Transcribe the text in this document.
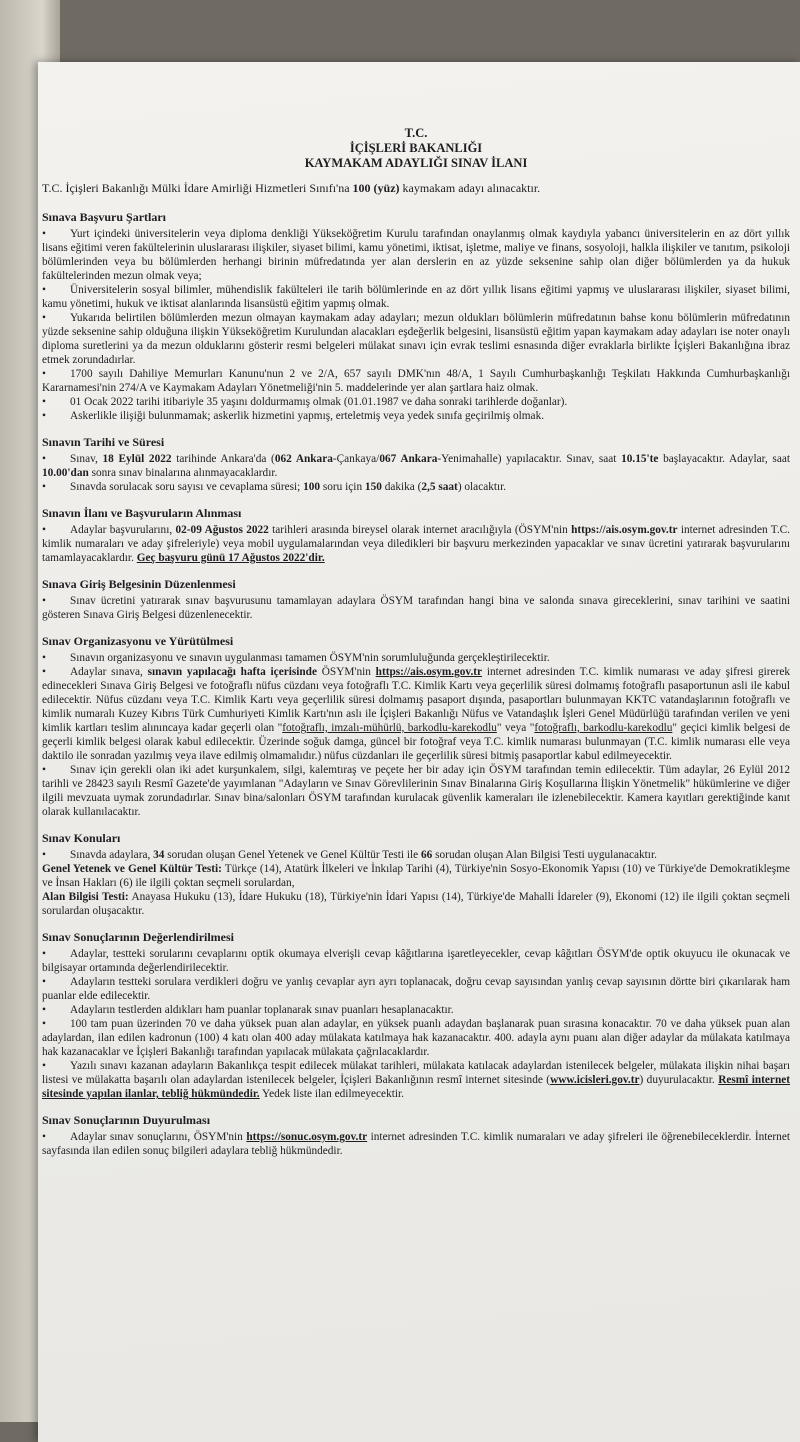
T.C.
İÇİŞLERİ BAKANLIĞI
KAYMAKAM ADAYLIĞI SINAV İLANI
T.C. İçişleri Bakanlığı Mülki İdare Amirliği Hizmetleri Sınıfı'na 100 (yüz) kaymakam adayı alınacaktır.
Sınava Başvuru Şartları
• Yurt içindeki üniversitelerin veya diploma denkliği Yükseköğretim Kurulu tarafından onaylanmış olmak kaydıyla yabancı üniversitelerin en az dört yıllık lisans eğitimi veren fakültelerinin uluslararası ilişkiler, siyaset bilimi, kamu yönetimi, iktisat, işletme, maliye ve finans, sosyoloji, halkla ilişkiler ve tanıtım, psikoloji bölümlerinden veya bu bölümlerden herhangi birinin müfredatında yer alan derslerin en az yüzde seksenine sahip olan diğer bölümlerden ya da hukuk fakültelerinden mezun olmak veya;
• Üniversitelerin sosyal bilimler, mühendislik fakülteleri ile tarih bölümlerinde en az dört yıllık lisans eğitimi yapmış ve uluslararası ilişkiler, siyaset bilimi, kamu yönetimi, hukuk ve iktisat alanlarında lisansüstü eğitim yapmış olmak.
• Yukarıda belirtilen bölümlerden mezun olmayan kaymakam aday adayları; mezun oldukları bölümlerin müfredatının bahse konu bölümlerin müfredatının yüzde seksenine sahip olduğuna ilişkin Yükseköğretim Kurulundan alacakları eşdeğerlik belgesini, lisansüstü eğitim yapan kaymakam aday adayları ise noter onaylı diploma suretlerini ya da mezun olduklarını gösterir resmi belgeleri mülakat sınavı için evrak teslimi esnasında diğer evraklarla birlikte İçişleri Bakanlığına ibraz etmek zorundadırlar.
• 1700 sayılı Dahiliye Memurları Kanunu'nun 2 ve 2/A, 657 sayılı DMK'nın 48/A, 1 Sayılı Cumhurbaşkanlığı Teşkilatı Hakkında Cumhurbaşkanlığı Kararnamesi'nin 274/A ve Kaymakam Adayları Yönetmeliği'nin 5. maddelerinde yer alan şartlara haiz olmak.
• 01 Ocak 2022 tarihi itibariyle 35 yaşını doldurmamış olmak (01.01.1987 ve daha sonraki tarihlerde doğanlar).
• Askerlikle ilişiği bulunmamak; askerlik hizmetini yapmış, erteletmiş veya yedek sınıfa geçirilmiş olmak.
Sınavın Tarihi ve Süresi
• Sınav, 18 Eylül 2022 tarihinde Ankara'da (062 Ankara-Çankaya/067 Ankara-Yenimahalle) yapılacaktır. Sınav, saat 10.15'te başlayacaktır. Adaylar, saat 10.00'dan sonra sınav binalarına alınmayacaklardır.
• Sınavda sorulacak soru sayısı ve cevaplama süresi; 100 soru için 150 dakika (2,5 saat) olacaktır.
Sınavın İlanı ve Başvuruların Alınması
• Adaylar başvurularını, 02-09 Ağustos 2022 tarihleri arasında bireysel olarak internet aracılığıyla (ÖSYM'nin https://ais.osym.gov.tr internet adresinden T.C. kimlik numaraları ve aday şifreleriyle) veya mobil uygulamalarından veya diledikleri bir başvuru merkezinden yapacaklar ve sınav ücretini yatırarak başvurularını tamamlayacaklardır. Geç başvuru günü 17 Ağustos 2022'dir.
Sınava Giriş Belgesinin Düzenlenmesi
• Sınav ücretini yatırarak sınav başvurusunu tamamlayan adaylara ÖSYM tarafından hangi bina ve salonda sınava gireceklerini, sınav tarihini ve saatini gösteren Sınava Giriş Belgesi düzenlenecektir.
Sınav Organizasyonu ve Yürütülmesi
• Sınavın organizasyonu ve sınavın uygulanması tamamen ÖSYM'nin sorumluluğunda gerçekleştirilecektir.
• Adaylar sınava, sınavın yapılacağı hafta içerisinde ÖSYM'nin https://ais.osym.gov.tr internet adresinden T.C. kimlik numarası ve aday şifresi girerek edinecekleri Sınava Giriş Belgesi ve fotoğraflı nüfus cüzdanı veya fotoğraflı T.C. Kimlik Kartı veya geçerlilik süresi dolmamış fotoğraflı pasaportunun asli ile kabul edilecektir. Nüfus cüzdanı veya T.C. Kimlik Kartı veya geçerlilik süresi dolmamış pasaport dışında, pasaportları bulunmayan KKTC vatandaşlarının fotoğraflı ve kimlik numaralı Kuzey Kıbrıs Türk Cumhuriyeti Kimlik Kartı'nın aslı ile İçişleri Bakanlığı Nüfus ve Vatandaşlık İşleri Genel Müdürlüğü tarafından verilen ve yeni kimlik kartları teslim alınıncaya kadar geçerli olan "fotoğraflı, imzalı-mühürlü, barkodlu-karekodlu" veya "fotoğraflı, barkodlu-karekodlu" geçici kimlik belgesi de geçerli kimlik belgesi olarak kabul edilecektir. Üzerinde soğuk damga, güncel bir fotoğraf veya T.C. kimlik numarası bulunmayan (T.C. kimlik numarası elle veya daktilo ile sonradan yazılmış veya ilave edilmiş olmamalıdır.) nüfus cüzdanları ile geçerlilik süresi bitmiş pasaportlar kabul edilmeyecektir.
• Sınav için gerekli olan iki adet kurşunkalem, silgi, kalemtıraş ve peçete her bir aday için ÖSYM tarafından temin edilecektir. Tüm adaylar, 26 Eylül 2012 tarihli ve 28423 sayılı Resmî Gazete'de yayımlanan "Adayların ve Sınav Görevlilerinin Sınav Binalarına Giriş Koşullarına İlişkin Yönetmelik" hükümlerine ve diğer ilgili mevzuata uymak zorundadırlar. Sınav bina/salonları ÖSYM tarafından kurulacak güvenlik kameraları ile izlenebilecektir. Kamera kayıtları gerektiğinde kanıt olarak kullanılacaktır.
Sınav Konuları
• Sınavda adaylara, 34 sorudan oluşan Genel Yetenek ve Genel Kültür Testi ile 66 sorudan oluşan Alan Bilgisi Testi uygulanacaktır.
Genel Yetenek ve Genel Kültür Testi: Türkçe (14), Atatürk İlkeleri ve İnkılap Tarihi (4), Türkiye'nin Sosyo-Ekonomik Yapısı (10) ve Türkiye'de Demokratikleşme ve İnsan Hakları (6) ile ilgili çoktan seçmeli sorulardan,
Alan Bilgisi Testi: Anayasa Hukuku (13), İdare Hukuku (18), Türkiye'nin İdari Yapısı (14), Türkiye'de Mahalli İdareler (9), Ekonomi (12) ile ilgili çoktan seçmeli sorulardan oluşacaktır.
Sınav Sonuçlarının Değerlendirilmesi
• Adaylar, testteki sorularını cevaplarını optik okumaya elverişli cevap kâğıtlarına işaretleyecekler, cevap kâğıtları ÖSYM'de optik okuyucu ile okunacak ve bilgisayar ortamında değerlendirilecektir.
• Adayların testteki sorulara verdikleri doğru ve yanlış cevaplar ayrı ayrı toplanacak, doğru cevap sayısından yanlış cevap sayısının dörtte biri çıkarılarak ham puanlar elde edilecektir.
• Adayların testlerden aldıkları ham puanlar toplanarak sınav puanları hesaplanacaktır.
• 100 tam puan üzerinden 70 ve daha yüksek puan alan adaylar, en yüksek puanlı adaydan başlanarak puan sırasına konacaktır. 70 ve daha yüksek puan alan adaylardan, ilan edilen kadronun (100) 4 katı olan 400 aday mülakata katılmaya hak kazanacaktır. 400. adayla aynı puanı alan diğer adaylar da mülakata katılmaya hak kazanacaklar ve İçişleri Bakanlığı tarafından yapılacak mülakata çağrılacaklardır.
• Yazılı sınavı kazanan adayların Bakanlıkça tespit edilecek mülakat tarihleri, mülakata katılacak adaylardan istenilecek belgeler, mülakata ilişkin nihai başarı listesi ve mülakatta başarılı olan adaylardan istenilecek belgeler, İçişleri Bakanlığının resmî internet sitesinde (www.icisleri.gov.tr) duyurulacaktır. Resmî internet sitesinde yapılan ilanlar, tebliğ hükmündedir. Yedek liste ilan edilmeyecektir.
Sınav Sonuçlarının Duyurulması
• Adaylar sınav sonuçlarını, ÖSYM'nin https://sonuc.osym.gov.tr internet adresinden T.C. kimlik numaraları ve aday şifreleri ile öğrenebileceklerdir. İnternet sayfasında ilan edilen sonuç bilgileri adaylara tebliğ hükmündedir.
